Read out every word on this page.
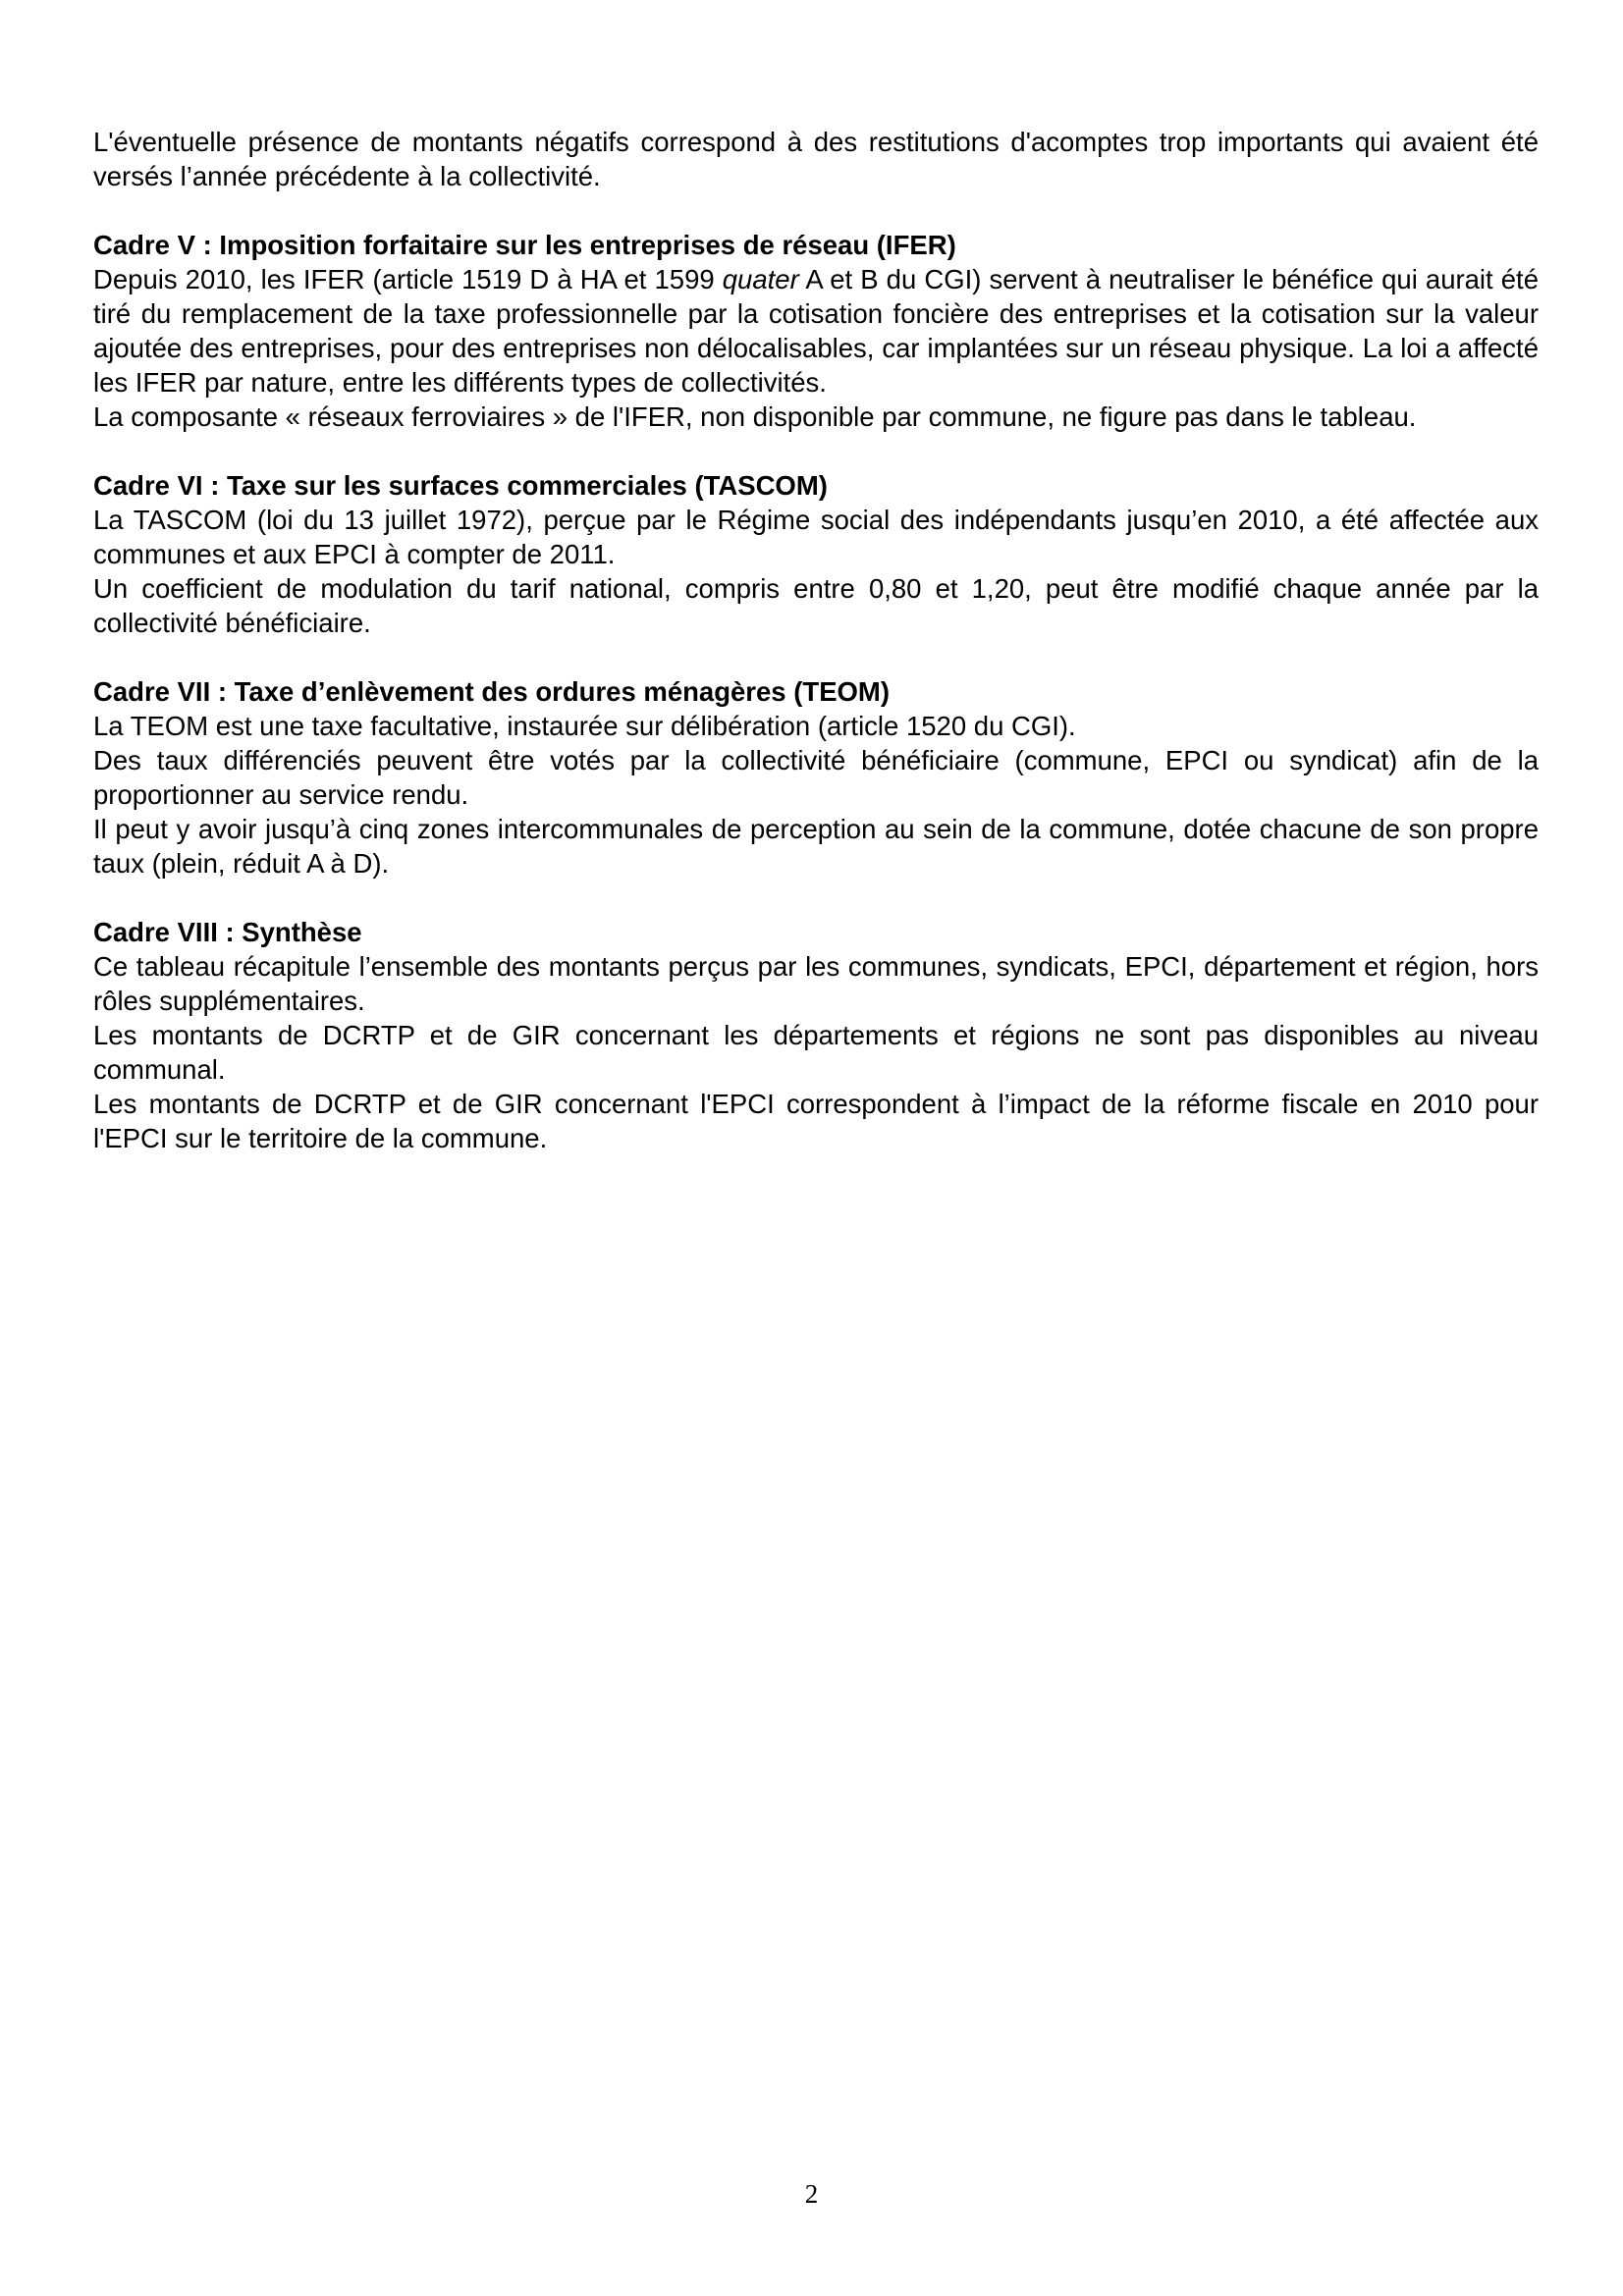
L'éventuelle présence de montants négatifs correspond à des restitutions d'acomptes trop importants qui avaient été versés l’année précédente à la collectivité.

Cadre V : Imposition forfaitaire sur les entreprises de réseau (IFER)

Depuis 2010, les IFER (article 1519 D à HA et 1599 quater A et B du CGI) servent à neutraliser le bénéfice qui aurait été tiré du remplacement de la taxe professionnelle par la cotisation foncière des entreprises et la cotisation sur la valeur ajoutée des entreprises, pour des entreprises non délocalisables, car implantées sur un réseau physique. La loi a affecté les IFER par nature, entre les différents types de collectivités.

La composante « réseaux ferroviaires » de l'IFER, non disponible par commune, ne figure pas dans le tableau.

Cadre VI : Taxe sur les surfaces commerciales (TASCOM)

La TASCOM (loi du 13 juillet 1972), perçue par le Régime social des indépendants jusqu’en 2010, a été affectée aux communes et aux EPCI à compter de 2011.

Un coefficient de modulation du tarif national, compris entre 0,80 et 1,20, peut être modifié chaque année par la collectivité bénéficiaire.

Cadre VII : Taxe d’enlèvement des ordures ménagères (TEOM)

La TEOM est une taxe facultative, instaurée sur délibération (article 1520 du CGI).

Des taux différenciés peuvent être votés par la collectivité bénéficiaire (commune, EPCI ou syndicat) afin de la proportionner au service rendu.

Il peut y avoir jusqu’à cinq zones intercommunales de perception au sein de la commune, dotée chacune de son propre taux (plein, réduit A à D).

Cadre VIII : Synthèse

Ce tableau récapitule l’ensemble des montants perçus par les communes, syndicats, EPCI, département et région, hors rôles supplémentaires.

Les montants de DCRTP et de GIR concernant les départements et régions ne sont pas disponibles au niveau communal.

Les montants de DCRTP et de GIR concernant l'EPCI correspondent à l’impact de la réforme fiscale en 2010 pour l'EPCI sur le territoire de la commune.

2
